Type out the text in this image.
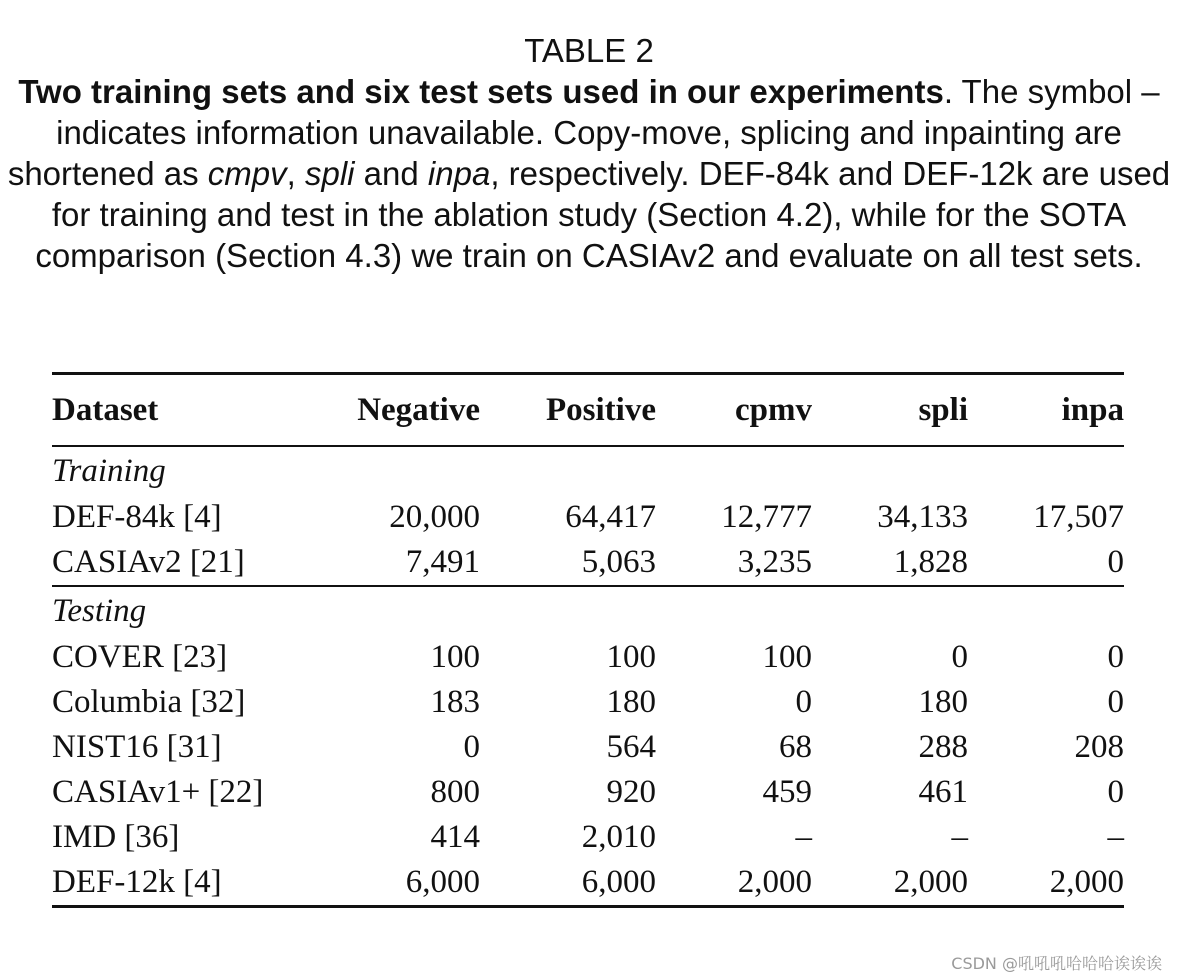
TABLE 2
Two training sets and six test sets used in our experiments. The symbol – indicates information unavailable. Copy-move, splicing and inpainting are shortened as cmpv, spli and inpa, respectively. DEF-84k and DEF-12k are used for training and test in the ablation study (Section 4.2), while for the SOTA comparison (Section 4.3) we train on CASIAv2 and evaluate on all test sets.
Dataset	Negative	Positive	cpmv	spli	inpa
Training
DEF-84k [4]	20,000	64,417	12,777	34,133	17,507
CASIAv2 [21]	7,491	5,063	3,235	1,828	0
Testing
COVER [23]	100	100	100	0	0
Columbia [32]	183	180	0	180	0
NIST16 [31]	0	564	68	288	208
CASIAv1+ [22]	800	920	459	461	0
IMD [36]	414	2,010	–	–	–
DEF-12k [4]	6,000	6,000	2,000	2,000	2,000
CSDN @吼吼吼哈哈哈诶诶诶
